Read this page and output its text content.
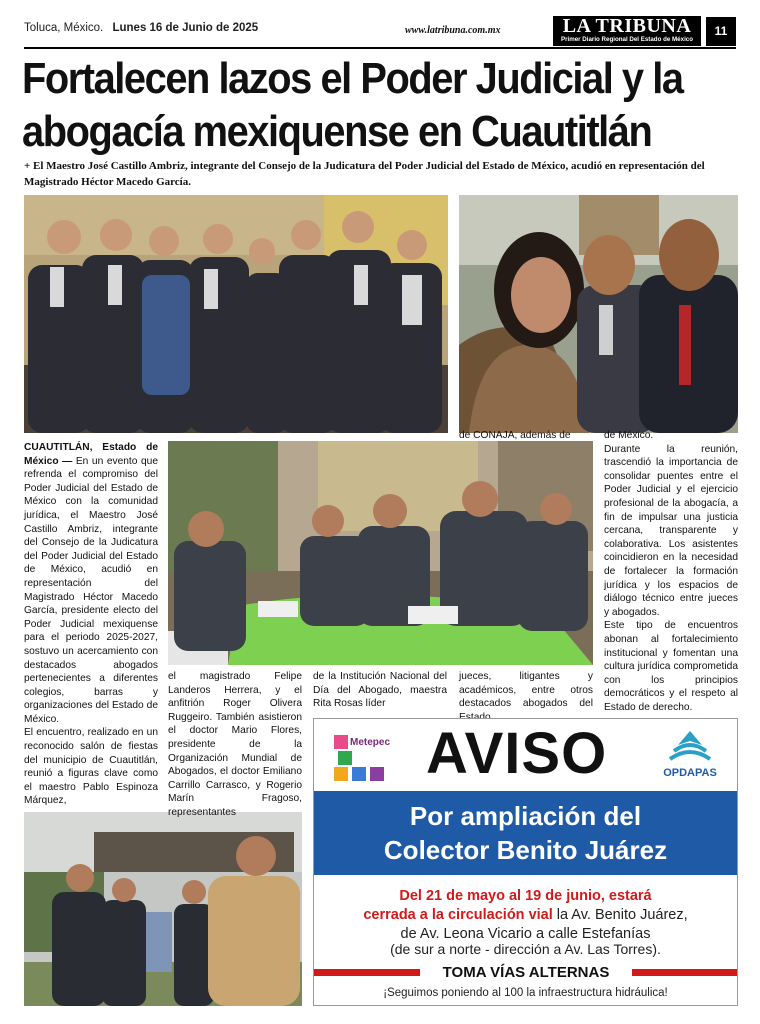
Toluca, México. Lunes 16 de Junio de 2025	www.latribuna.com.mx	LA TRIBUNA
Primer Diario Regional Del Estado de México
11
Fortalecen lazos el Poder Judicial y la
abogacía mexiquense en Cuautitlán
+ El Maestro José Castillo Ambriz, integrante del Consejo de la Judicatura del Poder Judicial del Estado de México, acudió en representación del Magistrado Héctor Macedo García.

CUAUTITLÁN, Estado de México — En un evento que refrenda el compromiso del Poder Judicial del Estado de México con la comunidad jurídica, el Maestro José Castillo Ambriz, integrante del Consejo de la Judicatura del Poder Judicial del Estado de México, acudió en representación del Magistrado Héctor Macedo García, presidente electo del Poder Judicial mexiquense para el periodo 2025-2027, sostuvo un acercamiento con destacados abogados pertenecientes a diferentes colegios, barras y organizaciones del Estado de México.

El encuentro, realizado en un reconocido salón de fiestas del municipio de Cuautitlán, reunió a figuras clave como el maestro Pablo Espinoza Márquez,

el magistrado Felipe Landeros Herrera, y el anfitrión Roger Olivera Ruggeiro. También asistieron el doctor Mario Flores, presidente de la Organización Mundial de Abogados, el doctor Emiliano Carrillo Carrasco, y Rogerio Marín Fragoso, representantes

de la Institución Nacional del Día del Abogado, maestra Rita Rosas líder

de CONAJA, además de

jueces, litigantes y académicos, entre otros destacados abogados del

de México.

Durante la reunión, trascendió la importancia de consolidar puentes entre el Poder Judicial y el ejercicio profesional de la abogacía, a fin de impulsar una justicia cercana, transparente y colaborativa. Los asistentes coincidieron en la necesidad de fortalecer la formación jurídica y los espacios de diálogo técnico entre jueces y abogados.

Este tipo de encuentros abonan al fortalecimiento institucional y fomentan una cultura jurídica comprometida con los principios democráticos y el respeto al Estado de derecho.

Metepec AVISO	OPDAPAS
Por ampliación del
Colector Benito Juárez
Del 21 de mayo al 19 de junio, estará
cerrada a la circulación vial la Av. Benito Juárez,
de Av. Leona Vicario a calle Estefanías
(de sur a norte - dirección a Av. Las Torres).
TOMA VÍAS ALTERNAS
¡Seguimos poniendo al 100 la infraestructura hidráulica!
